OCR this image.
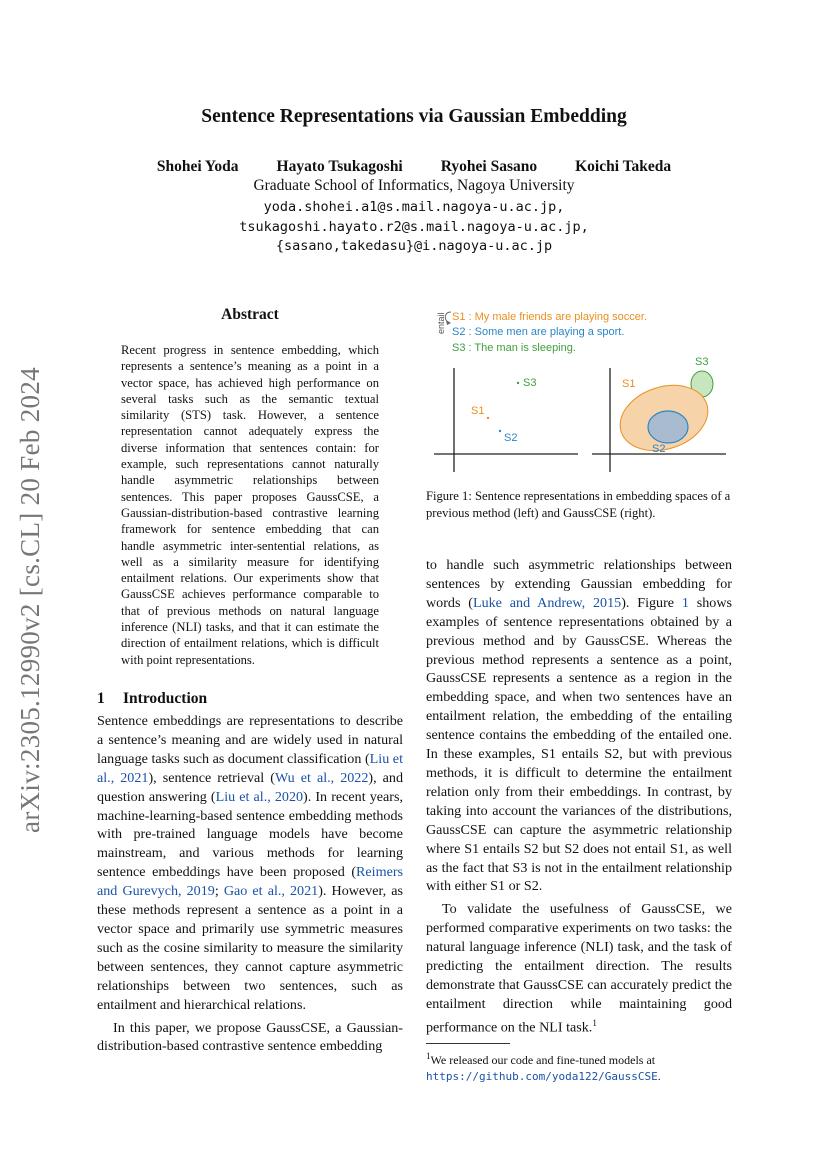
arXiv:2305.12990v2 [cs.CL] 20 Feb 2024
Sentence Representations via Gaussian Embedding
Shohei Yoda Hayato Tsukagoshi Ryohei Sasano Koichi Takeda
Graduate School of Informatics, Nagoya University
yoda.shohei.a1@s.mail.nagoya-u.ac.jp,
tsukagoshi.hayato.r2@s.mail.nagoya-u.ac.jp,
{sasano,takedasu}@i.nagoya-u.ac.jp
Abstract
Recent progress in sentence embedding, which represents a sentence’s meaning as a point in a vector space, has achieved high performance on several tasks such as the semantic textual similarity (STS) task. However, a sentence representation cannot adequately express the diverse information that sentences contain: for example, such representations cannot naturally handle asymmetric relationships between sentences. This paper proposes GaussCSE, a Gaussian-distribution-based contrastive learning framework for sentence embedding that can handle asymmetric inter-sentential relations, as well as a similarity measure for identifying entailment relations. Our experiments show that GaussCSE achieves performance comparable to that of previous methods on natural language inference (NLI) tasks, and that it can estimate the direction of entailment relations, which is difficult with point representations.
1 Introduction

Sentence embeddings are representations to describe a sentence’s meaning and are widely used in natural language tasks such as document classification (Liu et al., 2021), sentence retrieval (Wu et al., 2022), and question answering (Liu et al., 2020). In recent years, machine-learning-based sentence embedding methods with pre-trained language models have become mainstream, and various methods for learning sentence embeddings have been proposed (Reimers and Gurevych, 2019; Gao et al., 2021). However, as these methods represent a sentence as a point in a vector space and primarily use symmetric measures such as the cosine similarity to measure the similarity between sentences, they cannot capture asymmetric relationships between two sentences, such as entailment and hierarchical relations.

In this paper, we propose GaussCSE, a Gaussian-distribution-based contrastive sentence embedding

entail S1 : My male friends are playing soccer.
S2 : Some men are playing a sport.
S3 : The man is sleeping.
S3
S1
S2
S3
S1
S2
Figure 1: Sentence representations in embedding spaces of a previous method (left) and GaussCSE (right).

to handle such asymmetric relationships between sentences by extending Gaussian embedding for words (Luke and Andrew, 2015). Figure 1 shows examples of sentence representations obtained by a previous method and by GaussCSE. Whereas the previous method represents a sentence as a point, GaussCSE represents a sentence as a region in the embedding space, and when two sentences have an entailment relation, the embedding of the entailing sentence contains the embedding of the entailed one. In these examples, S1 entails S2, but with previous methods, it is difficult to determine the entailment relation only from their embeddings. In contrast, by taking into account the variances of the distributions, GaussCSE can capture the asymmetric relationship where S1 entails S2 but S2 does not entail S1, as well as the fact that S3 is not in the entailment relationship with either S1 or S2.

To validate the usefulness of GaussCSE, we performed comparative experiments on two tasks: the natural language inference (NLI) task, and the task of predicting the entailment direction. The results demonstrate that GaussCSE can accurately predict the entailment direction while maintaining good performance on the NLI task.$^1$

$^1$We released our code and fine-tuned models at https://github.com/yoda122/GaussCSE.
